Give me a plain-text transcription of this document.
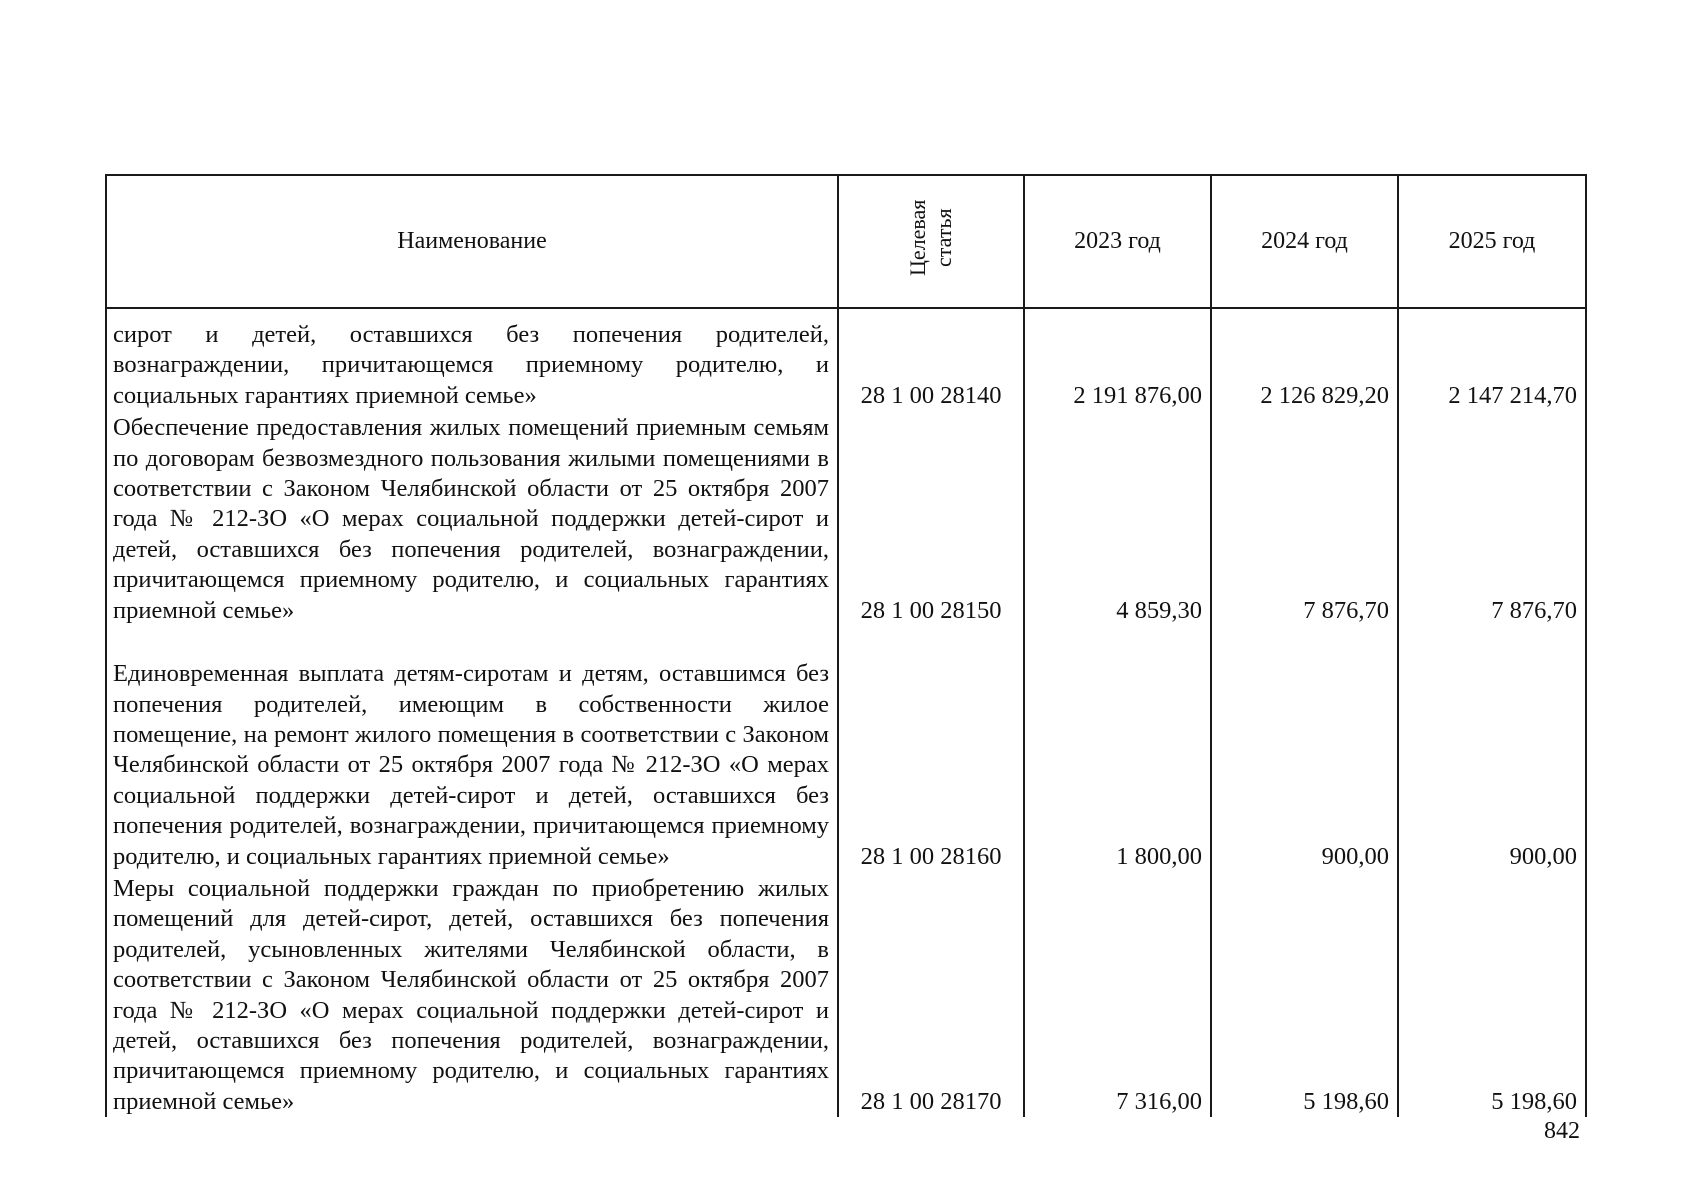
Наименование	Целевая статья	2023 год	2024 год	2025 год
сирот и детей, оставшихся без попечения родителей, вознаграждении, причитающемся приемному родителю, и социальных гарантиях приемной семье»	28 1 00 28140	2 191 876,00	2 126 829,20	2 147 214,70
Обеспечение предоставления жилых помещений приемным семьям по договорам безвозмездного пользования жилыми помещениями в соответствии с Законом Челябинской области от 25 октября 2007 года № 212-ЗО «О мерах социальной поддержки детей-сирот и детей, оставшихся без попечения родителей, вознаграждении, причитающемся приемному родителю, и социальных гарантиях приемной семье»	28 1 00 28150	4 859,30	7 876,70	7 876,70
Единовременная выплата детям-сиротам и детям, оставшимся без попечения родителей, имеющим в собственности жилое помещение, на ремонт жилого помещения в соответствии с Законом Челябинской области от 25 октября 2007 года № 212-ЗО «О мерах социальной поддержки детей-сирот и детей, оставшихся без попечения родителей, вознаграждении, причитающемся приемному родителю, и социальных гарантиях приемной семье»	28 1 00 28160	1 800,00	900,00	900,00
Меры социальной поддержки граждан по приобретению жилых помещений для детей-сирот, детей, оставшихся без попечения родителей, усыновленных жителями Челябинской области, в соответствии с Законом Челябинской области от 25 октября 2007 года № 212-ЗО «О мерах социальной поддержки детей-сирот и детей, оставшихся без попечения родителей, вознаграждении, причитающемся приемному родителю, и социальных гарантиях приемной семье»	28 1 00 28170	7 316,00	5 198,60	5 198,60
842
